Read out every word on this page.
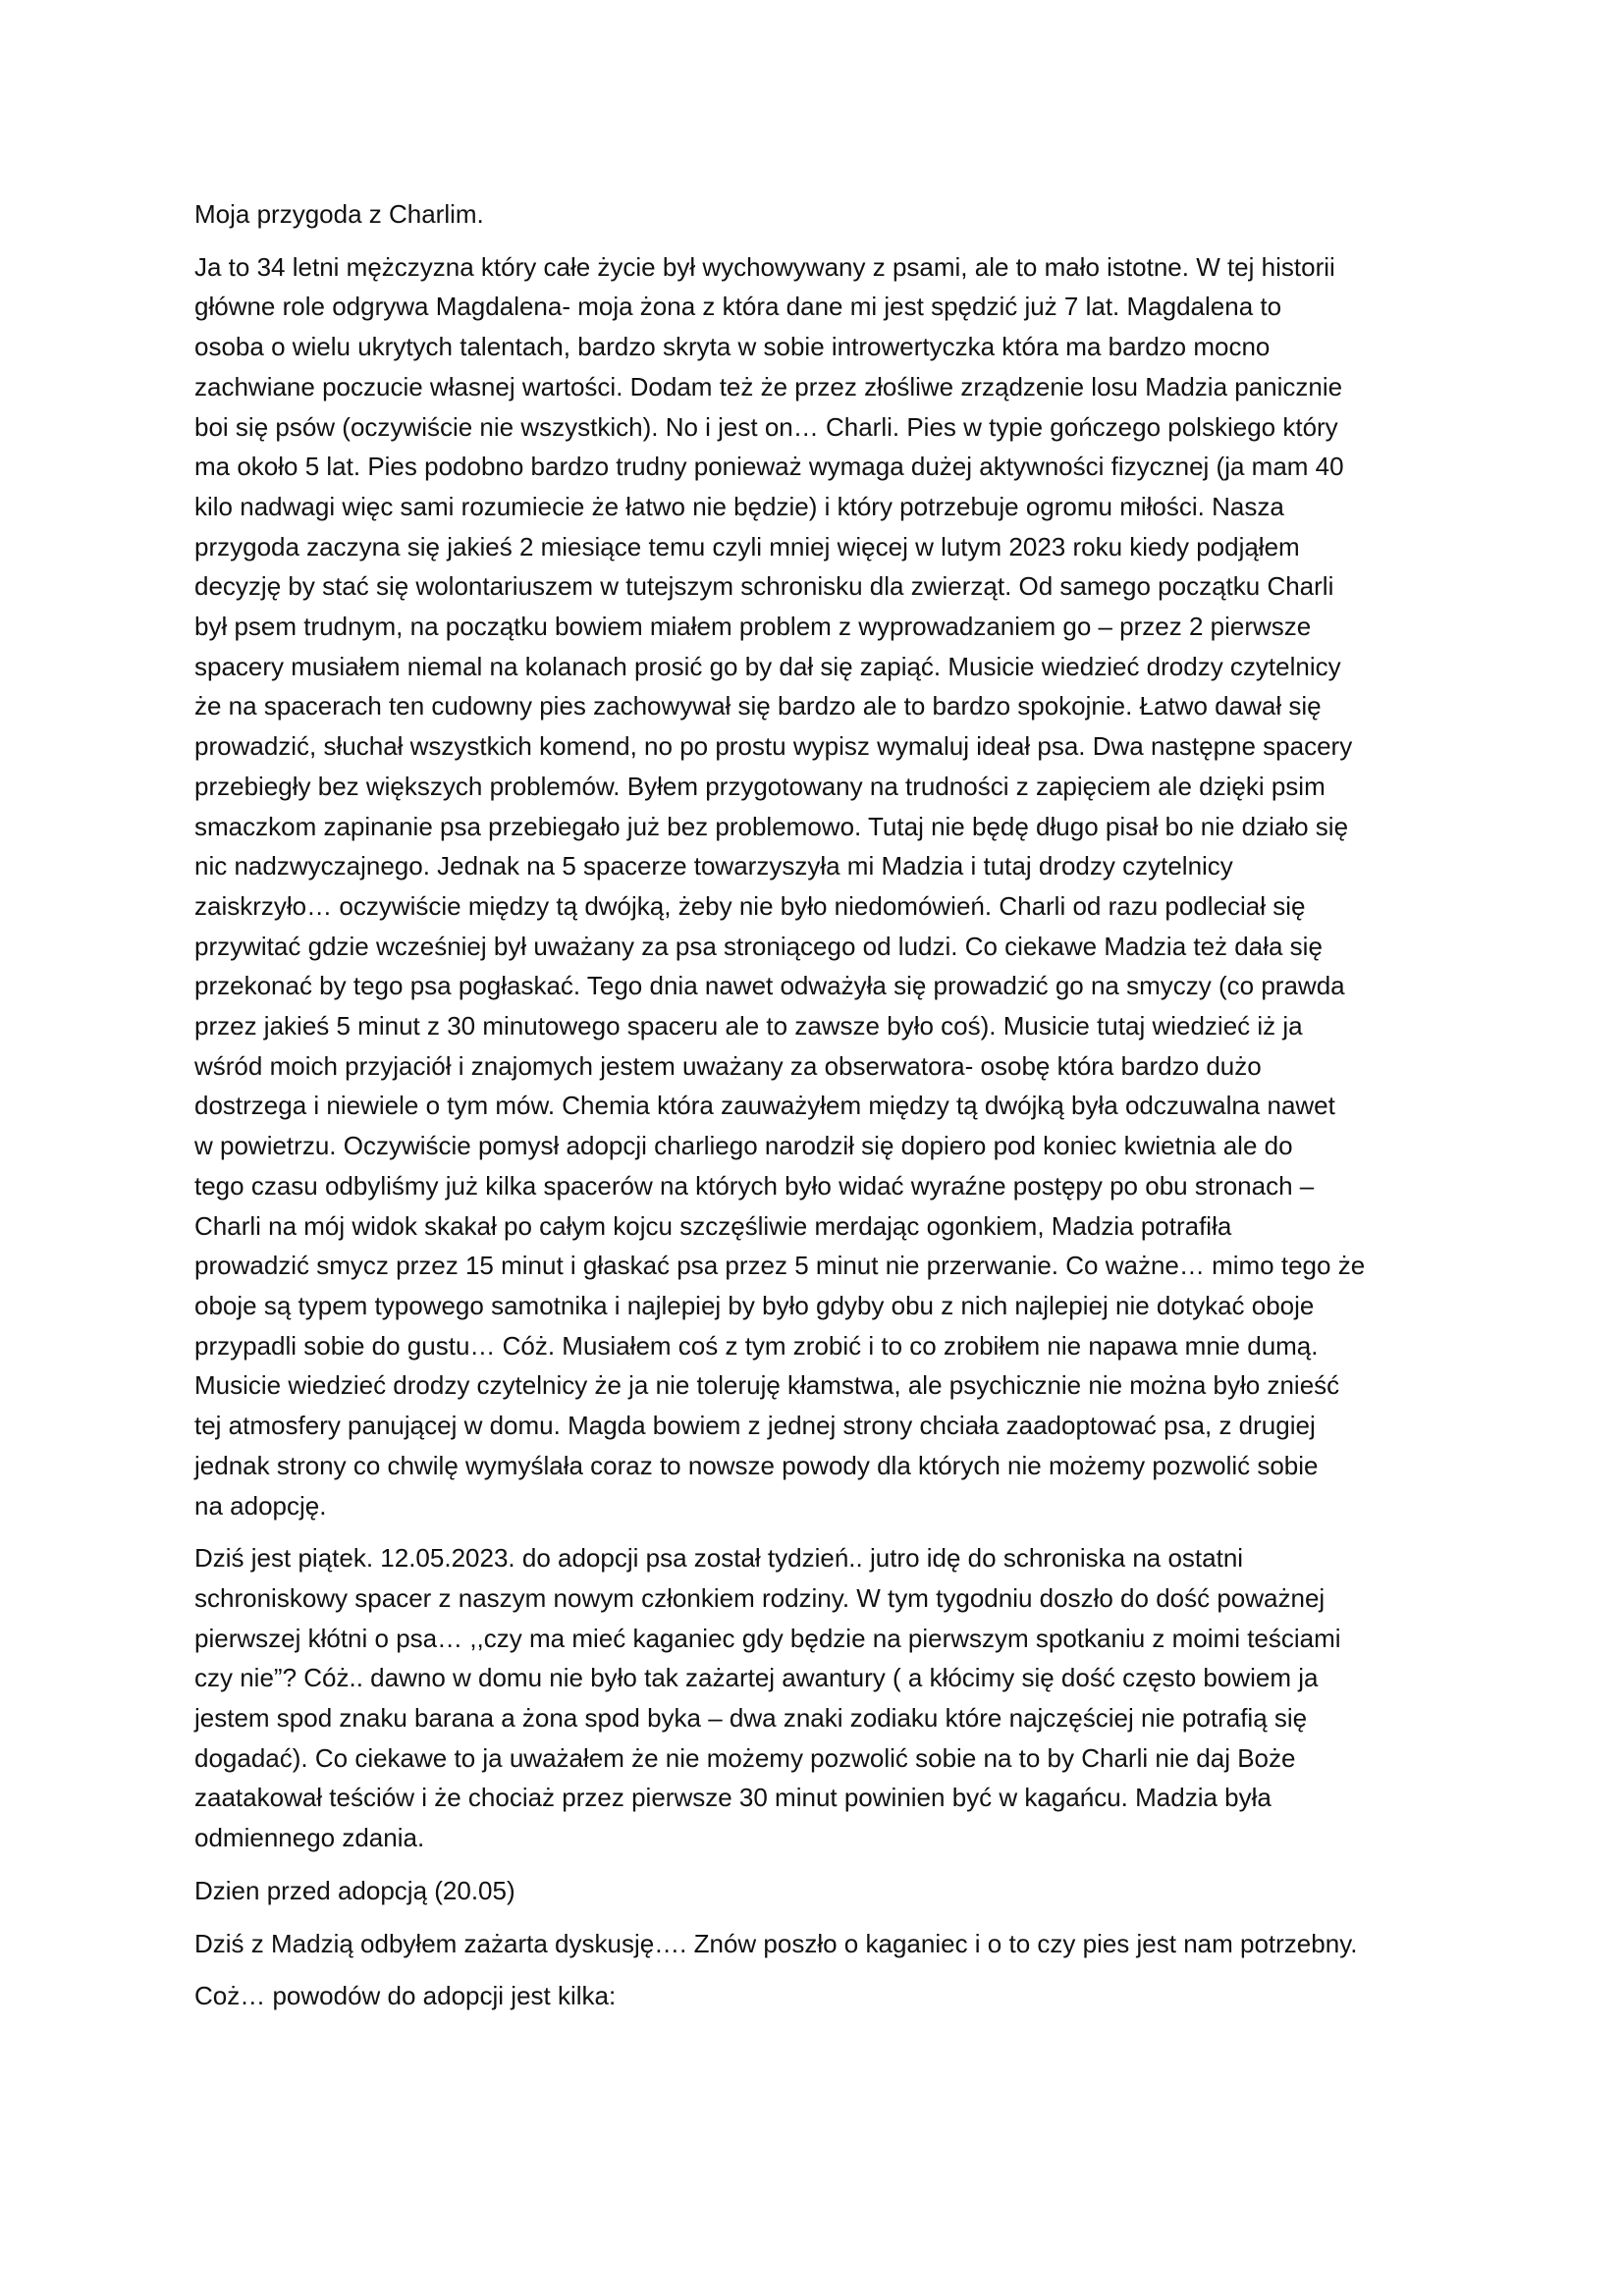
Moja przygoda z Charlim.

Ja to 34 letni mężczyzna który całe życie był wychowywany z psami, ale to mało istotne. W tej historii
główne role odgrywa Magdalena- moja żona z która dane mi jest spędzić już 7 lat. Magdalena to
osoba o wielu ukrytych talentach, bardzo skryta w sobie introwertyczka która ma bardzo mocno
zachwiane poczucie własnej wartości. Dodam też że przez złośliwe zrządzenie losu Madzia panicznie
boi się psów (oczywiście nie wszystkich). No i jest on… Charli. Pies w typie gończego polskiego który
ma około 5 lat. Pies podobno bardzo trudny ponieważ wymaga dużej aktywności fizycznej (ja mam 40
kilo nadwagi więc sami rozumiecie że łatwo nie będzie) i który potrzebuje ogromu miłości. Nasza
przygoda zaczyna się jakieś 2 miesiące temu czyli mniej więcej w lutym 2023 roku kiedy podjąłem
decyzję by stać się wolontariuszem w tutejszym schronisku dla zwierząt. Od samego początku Charli
był psem trudnym, na początku bowiem miałem problem z wyprowadzaniem go – przez 2 pierwsze
spacery musiałem niemal na kolanach prosić go by dał się zapiąć. Musicie wiedzieć drodzy czytelnicy
że na spacerach ten cudowny pies zachowywał się bardzo ale to bardzo spokojnie. Łatwo dawał się
prowadzić, słuchał wszystkich komend, no po prostu wypisz wymaluj ideał psa. Dwa następne spacery
przebiegły bez większych problemów. Byłem przygotowany na trudności z zapięciem ale dzięki psim
smaczkom zapinanie psa przebiegało już bez problemowo. Tutaj nie będę długo pisał bo nie działo się
nic nadzwyczajnego. Jednak na 5 spacerze towarzyszyła mi Madzia i tutaj drodzy czytelnicy
zaiskrzyło… oczywiście między tą dwójką, żeby nie było niedomówień. Charli od razu podleciał się
przywitać gdzie wcześniej był uważany za psa stroniącego od ludzi. Co ciekawe Madzia też dała się
przekonać by tego psa pogłaskać. Tego dnia nawet odważyła się prowadzić go na smyczy (co prawda
przez jakieś 5 minut z 30 minutowego spaceru ale to zawsze było coś). Musicie tutaj wiedzieć iż ja
wśród moich przyjaciół i znajomych jestem uważany za obserwatora- osobę która bardzo dużo
dostrzega i niewiele o tym mów. Chemia która zauważyłem między tą dwójką była odczuwalna nawet
w powietrzu. Oczywiście pomysł adopcji charliego narodził się dopiero pod koniec kwietnia ale do
tego czasu odbyliśmy już kilka spacerów na których było widać wyraźne postępy po obu stronach –
Charli na mój widok skakał po całym kojcu szczęśliwie merdając ogonkiem, Madzia potrafiła
prowadzić smycz przez 15 minut i głaskać psa przez 5 minut nie przerwanie. Co ważne… mimo tego że
oboje są typem typowego samotnika i najlepiej by było gdyby obu z nich najlepiej nie dotykać oboje
przypadli sobie do gustu… Cóż. Musiałem coś z tym zrobić i to co zrobiłem nie napawa mnie dumą.
Musicie wiedzieć drodzy czytelnicy że ja nie toleruję kłamstwa, ale psychicznie nie można było znieść
tej atmosfery panującej w domu. Magda bowiem z jednej strony chciała zaadoptować psa, z drugiej
jednak strony co chwilę wymyślała coraz to nowsze powody dla których nie możemy pozwolić sobie
na adopcję.

Dziś jest piątek. 12.05.2023. do adopcji psa został tydzień.. jutro idę do schroniska na ostatni
schroniskowy spacer z naszym nowym członkiem rodziny. W tym tygodniu doszło do dość poważnej
pierwszej kłótni o psa… ,,czy ma mieć kaganiec gdy będzie na pierwszym spotkaniu z moimi teściami
czy nie”? Cóż.. dawno w domu nie było tak zażartej awantury ( a kłócimy się dość często bowiem ja
jestem spod znaku barana a żona spod byka – dwa znaki zodiaku które najczęściej nie potrafią się
dogadać). Co ciekawe to ja uważałem że nie możemy pozwolić sobie na to by Charli nie daj Boże
zaatakował teściów i że chociaż przez pierwsze 30 minut powinien być w kagańcu. Madzia była
odmiennego zdania.

Dzien przed adopcją (20.05)

Dziś z Madzią odbyłem zażarta dyskusję…. Znów poszło o kaganiec i o to czy pies jest nam potrzebny.

Coż… powodów do adopcji jest kilka:
